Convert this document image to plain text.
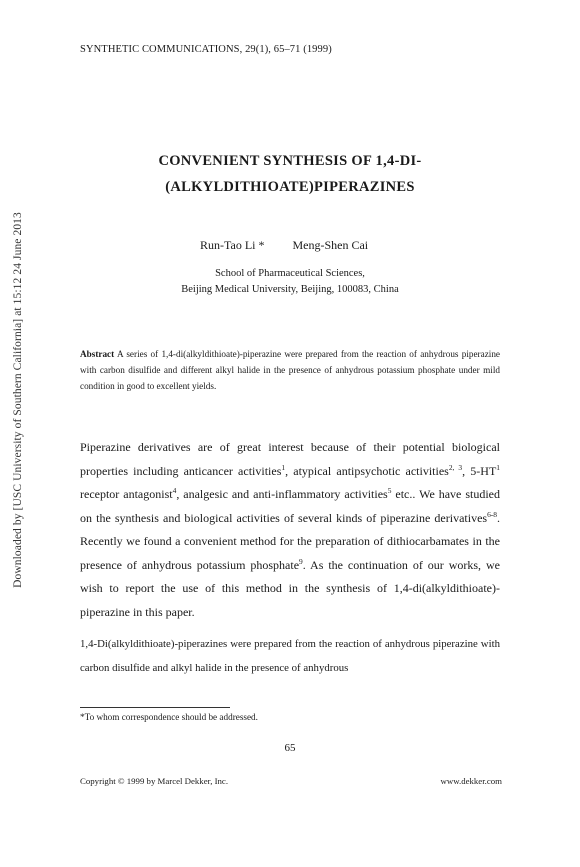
Downloaded by [USC University of Southern California] at 15:12 24 June 2013
SYNTHETIC COMMUNICATIONS, 29(1), 65–71 (1999)
CONVENIENT SYNTHESIS OF 1,4-DI-
(ALKYLDITHIOATE)PIPERAZINES
Run-Tao Li * Meng-Shen Cai
School of Pharmaceutical Sciences,
Beijing Medical University, Beijing, 100083, China
Abstract A series of 1,4-di(alkyldithioate)-piperazine were prepared from the reaction of anhydrous piperazine with carbon disulfide and different alkyl halide in the presence of anhydrous potassium phosphate under mild condition in good to excellent yields.
Piperazine derivatives are of great interest because of their potential biological properties including anticancer activities$^1$, atypical antipsychotic activities$^{2, 3}$, $5-HT^1$ receptor antagonist$^4$, analgesic and anti-inflammatory activities$^5$ etc.. We have studied on the synthesis and biological activities of several kinds of piperazine derivatives$^{6-8}$. Recently we found a convenient method for the preparation of dithiocarbamates in the presence of anhydrous potassium phosphate$^9$. As the continuation of our works, we wish to report the use of this method in the synthesis of 1,4-di(alkyldithioate)-piperazine in this paper.
1,4-Di(alkyldithioate)-piperazines were prepared from the reaction of anhydrous piperazine with carbon disulfide and alkyl halide in the presence of anhydrous
*To whom correspondence should be addressed.
65
Copyright © 1999 by Marcel Dekker, Inc.	www.dekker.com
